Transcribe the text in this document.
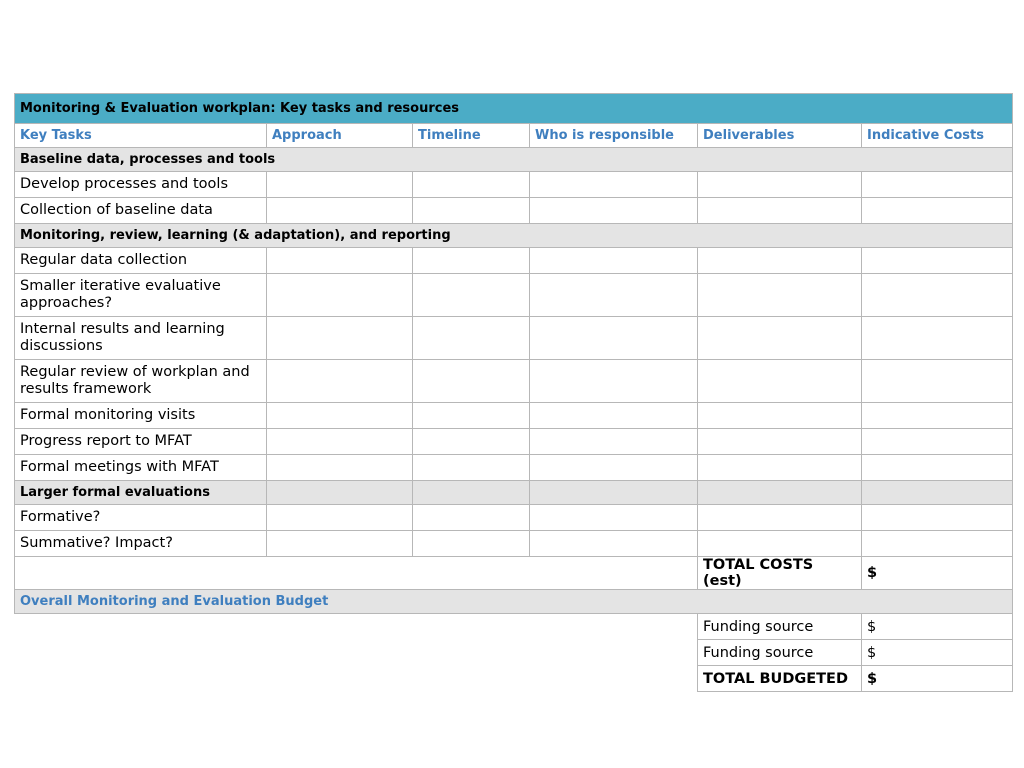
Monitoring & Evaluation workplan: Key tasks and resources					
Key Tasks	Approach	Timeline	Who is responsible	Deliverables	Indicative Costs
Baseline data, processes and tools					
Develop processes and tools					
Collection of baseline data					
Monitoring, review, learning (& adaptation), and reporting					
Regular data collection					
Smaller iterative evaluative approaches?					
Internal results and learning discussions					
Regular review of workplan and results framework					
Formal monitoring visits					
Progress report to MFAT					
Formal meetings with MFAT					
Larger formal evaluations					
Formative?					
Summative? Impact?					
				TOTAL COSTS (est)	$
Overall Monitoring and Evaluation Budget					
				Funding source	$
				Funding source	$
				TOTAL BUDGETED	$
